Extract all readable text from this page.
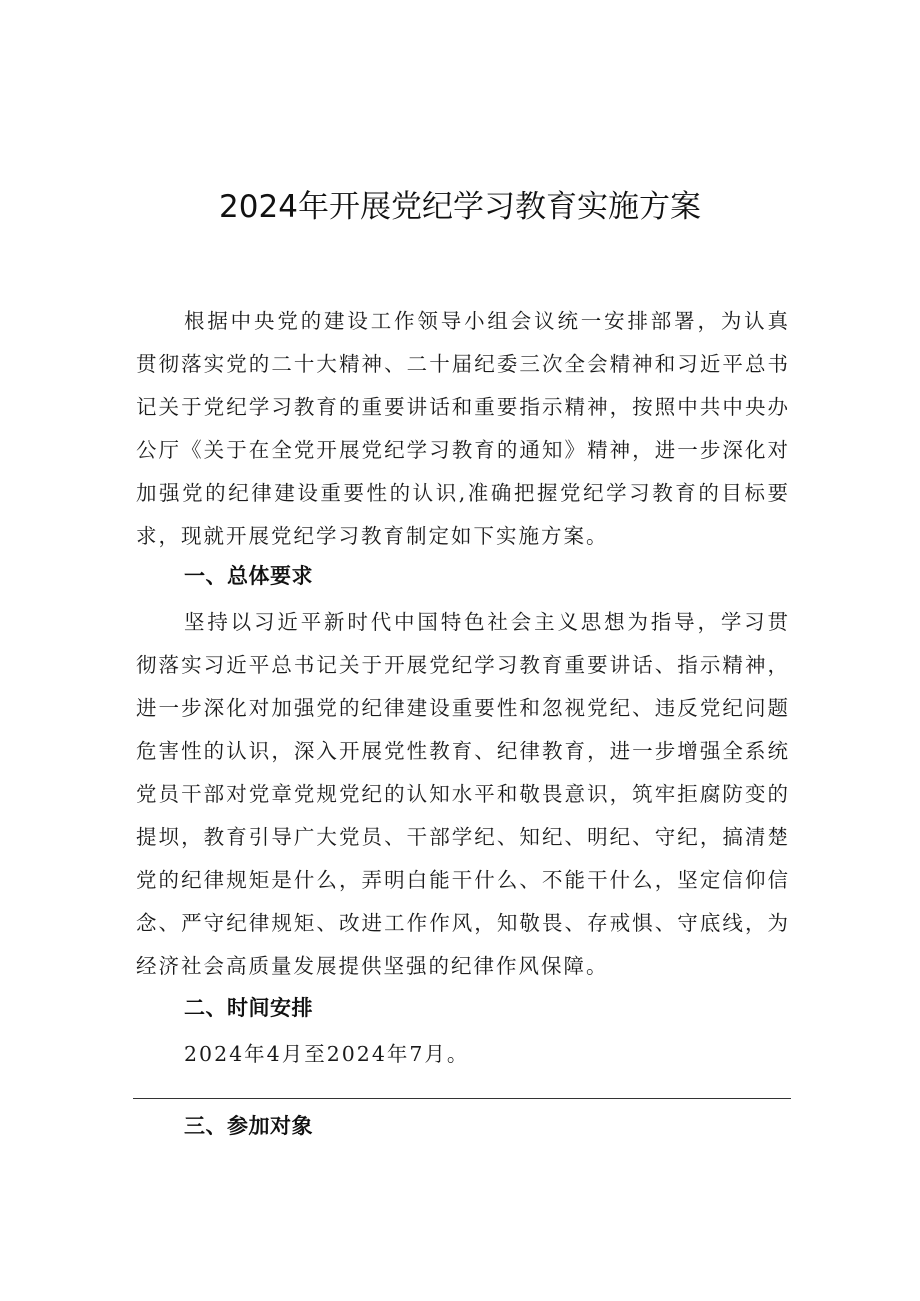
2024年开展党纪学习教育实施方案

根据中央党的建设工作领导小组会议统一安排部署，为认真贯彻落实党的二十大精神、二十届纪委三次全会精神和习近平总书记关于党纪学习教育的重要讲话和重要指示精神，按照中共中央办公厅《关于在全党开展党纪学习教育的通知》精神，进一步深化对加强党的纪律建设重要性的认识,准确把握党纪学习教育的目标要求，现就开展党纪学习教育制定如下实施方案。

一、总体要求

坚持以习近平新时代中国特色社会主义思想为指导，学习贯彻落实习近平总书记关于开展党纪学习教育重要讲话、指示精神，进一步深化对加强党的纪律建设重要性和忽视党纪、违反党纪问题危害性的认识，深入开展党性教育、纪律教育，进一步增强全系统党员干部对党章党规党纪的认知水平和敬畏意识，筑牢拒腐防变的提坝，教育引导广大党员、干部学纪、知纪、明纪、守纪，搞清楚党的纪律规矩是什么，弄明白能干什么、不能干什么，坚定信仰信念、严守纪律规矩、改进工作作风，知敬畏、存戒惧、守底线，为经济社会高质量发展提供坚强的纪律作风保障。

二、时间安排

2024年4月至2024年7月。

三、参加对象
